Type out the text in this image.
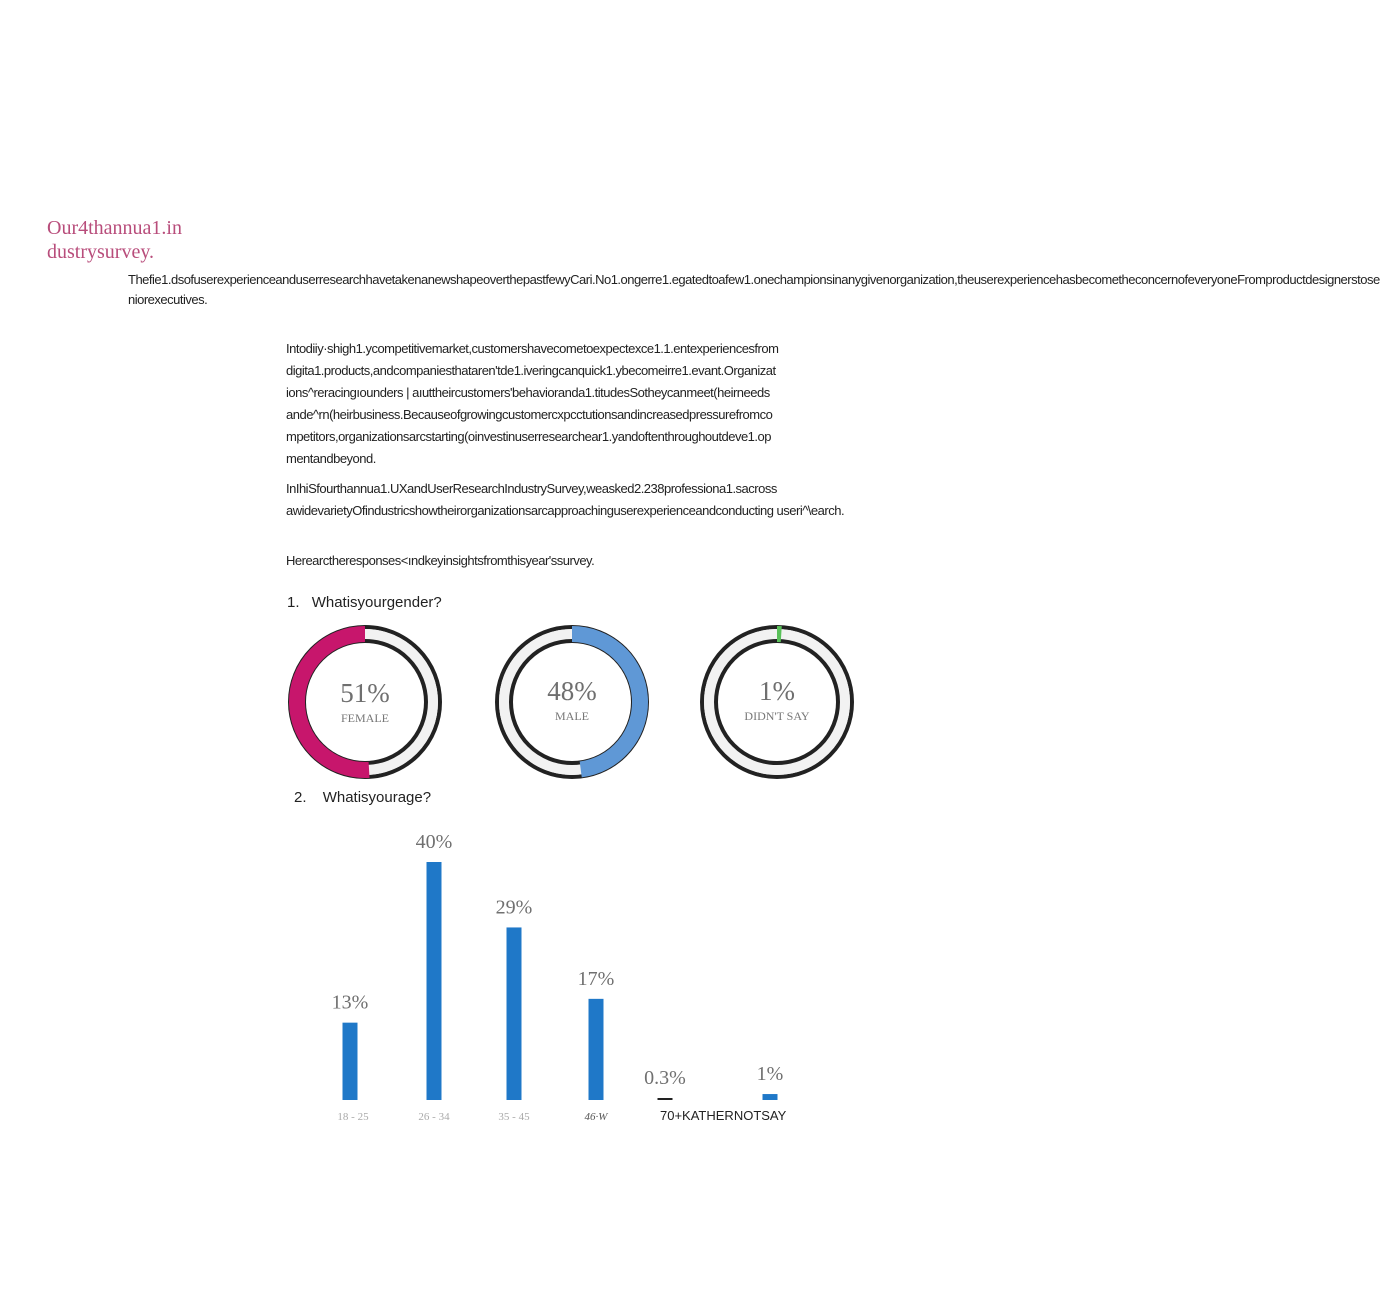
Our4thannua1.in dustrysurvey.

Thefie1.dsofuserexperienceanduserresearchhavetakenanewshapeoverthepastfewyCari.No1.ongerre1.egatedtoafew1.onechampionsinanygivenorganization,theuserexperiencehasbecometheconcernofeveryoneFromproductdesignerstose niorexecutives.

Intodiiy·shigh1.ycompetitivemarket,customershavecometoexpectexce1.1.entexperiencesfrom digita1.products,andcompaniesthataren'tde1.iveringcanquick1.ybecomeirre1.evant.Organizat ions^reracingıounders | aıuttheircustomers'behavioranda1.titudesSotheycanmeet(heirneeds ande^rn(heirbusiness.Becauseofgrowingcustomercxpcctutionsandincreasedpressurefromco mpetitors,organizationsarcstarting(oinvestinuserresearchear1.yandoftenthroughoutdeve1.op mentandbeyond.

InIhiSfourthannua1.UXandUserResearchIndustrySurvey,weasked2.238professiona1.sacross awidevarietyOfindustricshowtheirorganizationsarcapproachinguserexperienceandconducting useri^\earch.

Herearctheresponses<ındkeyinsightsfromthisyear'ssurvey.

1. Whatisyourgender?
51%
FEMALE
48%
MALE
1%
DIDN'T SAY
2. Whatisyourage?
13%
40%
29%
17%
0.3%	1%
18 - 25	26 - 34	35 - 45	46·W	70+KATHERNOTSAY
